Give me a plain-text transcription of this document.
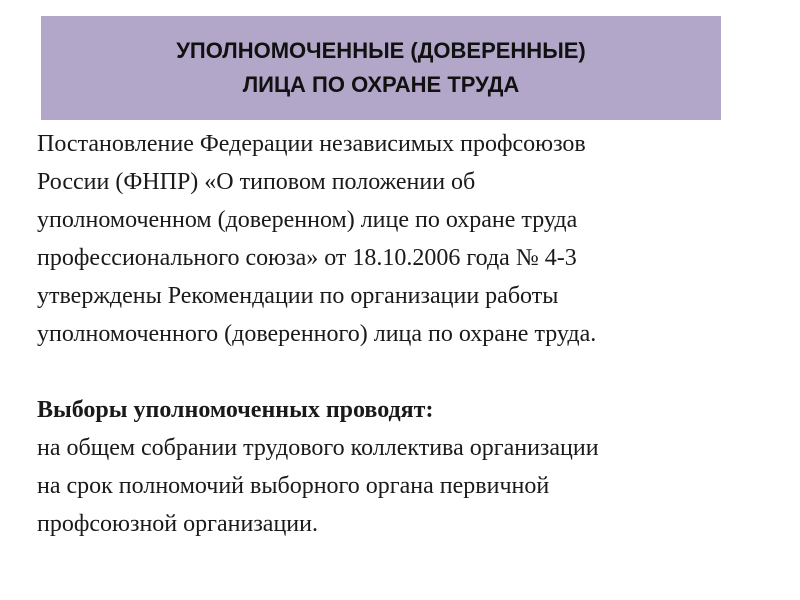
УПОЛНОМОЧЕННЫЕ (ДОВЕРЕННЫЕ)
ЛИЦА ПО ОХРАНЕ ТРУДА

Постановление Федерации независимых профсоюзов

России (ФНПР) «О типовом положении об

уполномоченном (доверенном) лице по охране труда

профессионального союза» от 18.10.2006 года № 4-3

утверждены Рекомендации по организации работы

уполномоченного (доверенного) лица по охране труда.

Выборы уполномоченных проводят:

на общем собрании трудового коллектива организации

на срок полномочий выборного органа первичной

профсоюзной организации.
